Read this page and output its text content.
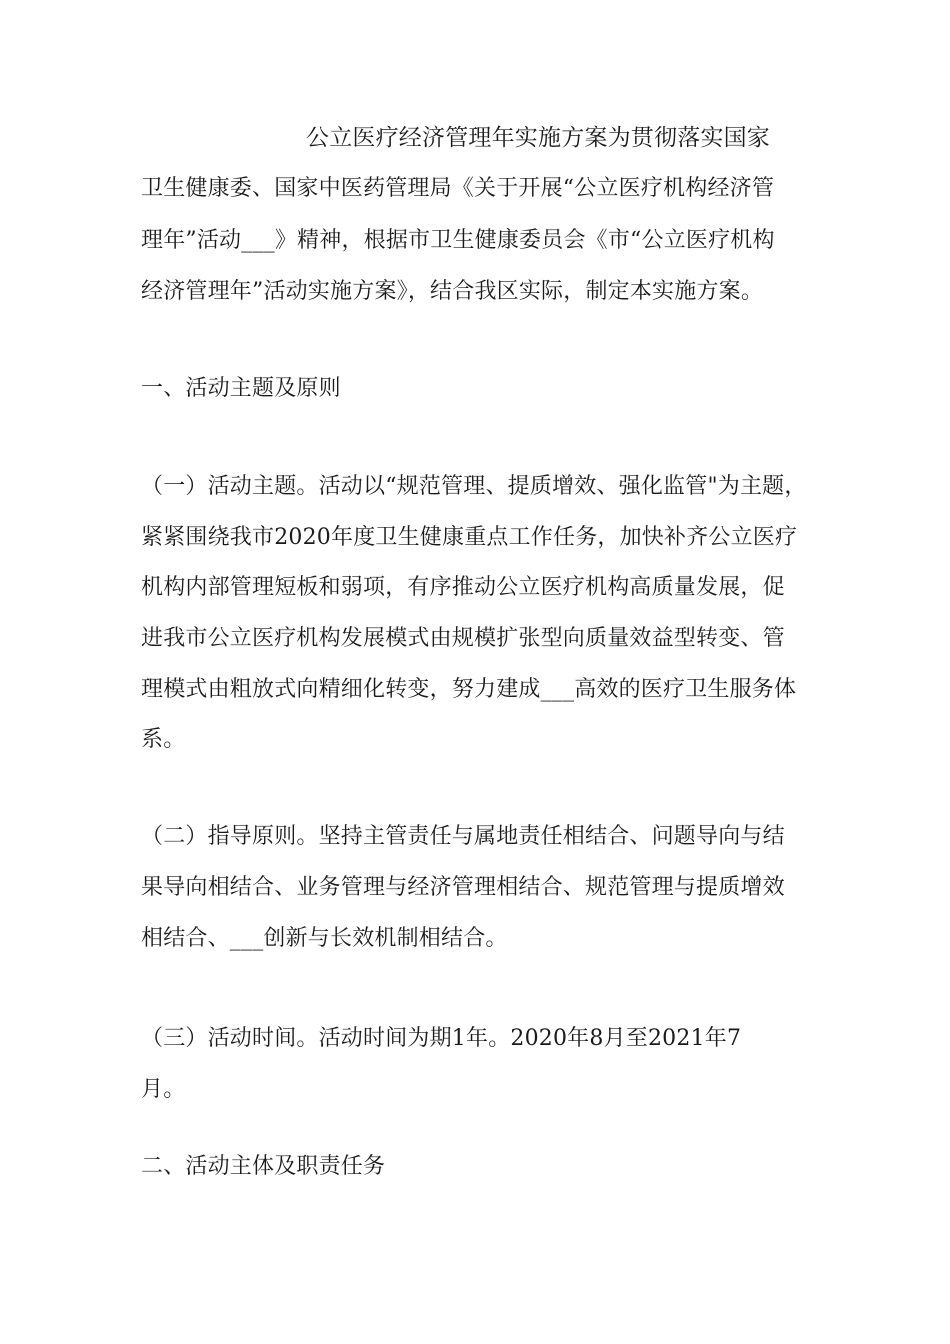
公立医疗经济管理年实施方案为贯彻落实国家

卫生健康委、国家中医药管理局《关于开展“公立医疗机构经济管

理年”活动___》精神，根据市卫生健康委员会《市“公立医疗机构

经济管理年”活动实施方案》，结合我区实际，制定本实施方案。

一、活动主题及原则

（一）活动主题。活动以“规范管理、提质增效、强化监管"为主题，

紧紧围绕我市2020年度卫生健康重点工作任务，加快补齐公立医疗

机构内部管理短板和弱项，有序推动公立医疗机构高质量发展，促

进我市公立医疗机构发展模式由规模扩张型向质量效益型转变、管

理模式由粗放式向精细化转变，努力建成___高效的医疗卫生服务体

系。

（二）指导原则。坚持主管责任与属地责任相结合、问题导向与结

果导向相结合、业务管理与经济管理相结合、规范管理与提质增效

相结合、___创新与长效机制相结合。

（三）活动时间。活动时间为期1年。2020年8月至2021年7

月。

二、活动主体及职责任务
